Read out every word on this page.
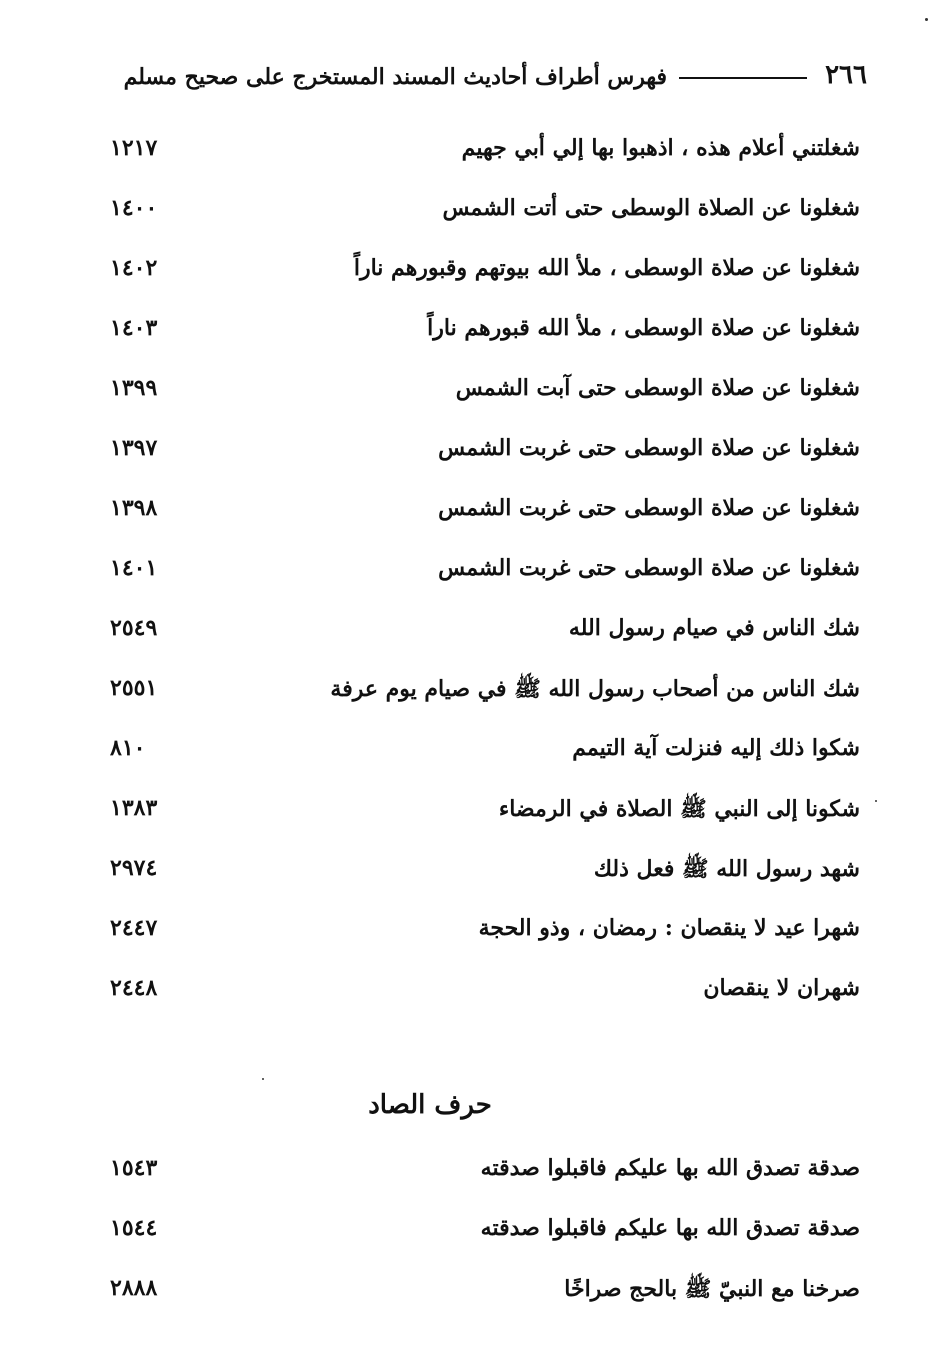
٢٦٦
فهرس أطراف أحاديث المسند المستخرج على صحيح مسلم
شغلتني أعلام هذه ، اذهبوا بها إلي أبي جهيم
١٢١٧
شغلونا عن الصلاة الوسطى حتى أتت الشمس
١٤٠٠
شغلونا عن صلاة الوسطى ، ملأ الله بيوتهم وقبورهم ناراً
١٤٠٢
شغلونا عن صلاة الوسطى ، ملأ الله قبورهم ناراً
١٤٠٣
شغلونا عن صلاة الوسطى حتى آبت الشمس
١٣٩٩
شغلونا عن صلاة الوسطى حتى غربت الشمس
١٣٩٧
شغلونا عن صلاة الوسطى حتى غربت الشمس
١٣٩٨
شغلونا عن صلاة الوسطى حتى غربت الشمس
١٤٠١
شك الناس في صيام رسول الله
٢٥٤٩
شك الناس من أصحاب رسول الله ﷺ في صيام يوم عرفة
٢٥٥١
شكوا ذلك إليه فنزلت آية التيمم
٨١٠
شكونا إلى النبي ﷺ الصلاة في الرمضاء
١٣٨٣
شهد رسول الله ﷺ فعل ذلك
٢٩٧٤
شهرا عيد لا ينقصان : رمضان ، وذو الحجة
٢٤٤٧
شهران لا ينقصان
٢٤٤٨
حرف الصاد
صدقة تصدق الله بها عليكم فاقبلوا صدقته
١٥٤٣
صدقة تصدق الله بها عليكم فاقبلوا صدقته
١٥٤٤
صرخنا مع النبيّ ﷺ بالحج صراخًا
٢٨٨٨
